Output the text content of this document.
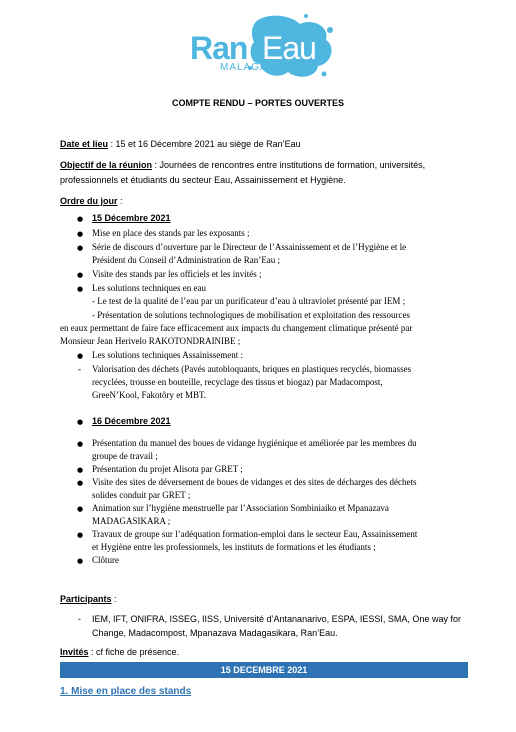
Ran Eau
MALAGASY
COMPTE RENDU – PORTES OUVERTES
Date et lieu : 15 et 16 Décembre 2021 au siège de Ran’Eau
Objectif de la réunion : Journées de rencontres entre institutions de formation, universités,
professionnels et étudiants du secteur Eau, Assainissement et Hygiène.
Ordre du jour :
● 15 Décembre 2021
● Mise en place des stands par les exposants ;
● Série de discours d’ouverture par le Directeur de l’Assainissement et de l’Hygiène et le
Président du Conseil d’Administration de Ran’Eau ;
● Visite des stands par les officiels et les invités ;
● Les solutions techniques en eau
- Le test de la qualité de l’eau par un purificateur d’eau à ultraviolet présenté par IEM ;
- Présentation de solutions technologiques de mobilisation et exploitation des ressources
en eaux permettant de faire face efficacement aux impacts du changement climatique présenté par
Monsieur Jean Herivelo RAKOTONDRAINIBE ;
● Les solutions techniques Assainissement :
- Valorisation des déchets (Pavés autobloquants, briques en plastiques recyclés, biomasses
recyclées, trousse en bouteille, recyclage des tissus et biogaz) par Madacompost,
GreeN’Kool, Fakotôry et MBT.
● 16 Décembre 2021
● Présentation du manuel des boues de vidange hygiénique et améliorée par les membres du
groupe de travail ;
● Présentation du projet Alisota par GRET ;
● Visite des sites de déversement de boues de vidanges et des sites de décharges des déchets
solides conduit par GRET ;
● Animation sur l’hygiène menstruelle par l’Association Sombiniaiko et Mpanazava
MADAGASIKARA ;
● Travaux de groupe sur l’adéquation formation-emploi dans le secteur Eau, Assainissement
et Hygiène entre les professionnels, les instituts de formations et les étudiants ;
● Clôture
Participants :
- IEM, IFT, ONIFRA, ISSEG, IISS, Université d’Antananarivo, ESPA, IESSI, SMA, One way for
Change, Madacompost, Mpanazava Madagasikara, Ran’Eau.
Invités : cf fiche de présence.
15 DECEMBRE 2021
1. Mise en place des stands
